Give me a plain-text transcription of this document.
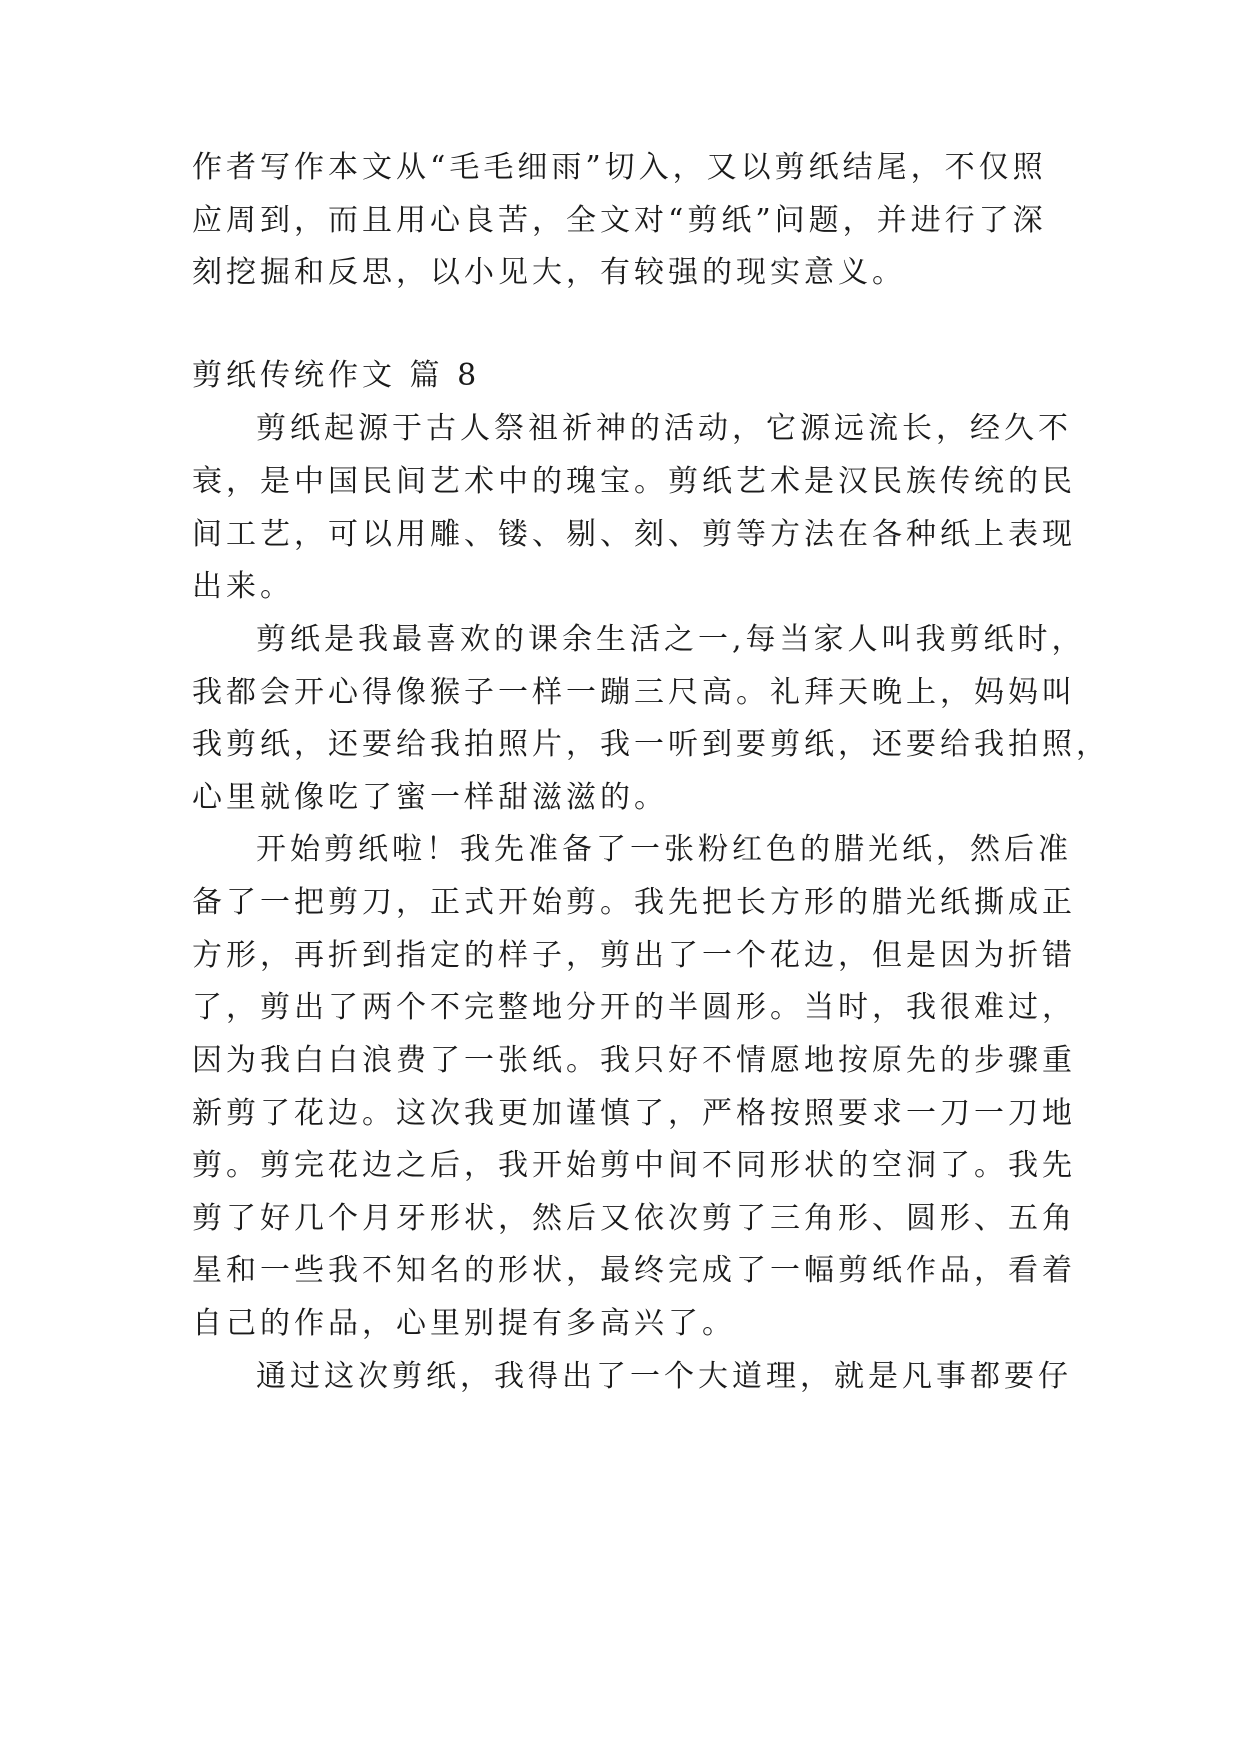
作者写作本文从“毛毛细雨”切入，又以剪纸结尾，不仅照
应周到，而且用心良苦，全文对“剪纸”问题，并进行了深
刻挖掘和反思，以小见大，有较强的现实意义。
剪纸传统作文 篇 8
剪纸起源于古人祭祖祈神的活动，它源远流长，经久不
衰，是中国民间艺术中的瑰宝。剪纸艺术是汉民族传统的民
间工艺，可以用雕、镂、剔、刻、剪等方法在各种纸上表现
出来。
剪纸是我最喜欢的课余生活之一,每当家人叫我剪纸时，
我都会开心得像猴子一样一蹦三尺高。礼拜天晚上，妈妈叫
我剪纸，还要给我拍照片，我一听到要剪纸，还要给我拍照，
心里就像吃了蜜一样甜滋滋的。
开始剪纸啦！我先准备了一张粉红色的腊光纸，然后准
备了一把剪刀，正式开始剪。我先把长方形的腊光纸撕成正
方形，再折到指定的样子，剪出了一个花边，但是因为折错
了，剪出了两个不完整地分开的半圆形。当时，我很难过，
因为我白白浪费了一张纸。我只好不情愿地按原先的步骤重
新剪了花边。这次我更加谨慎了，严格按照要求一刀一刀地
剪。剪完花边之后，我开始剪中间不同形状的空洞了。我先
剪了好几个月牙形状，然后又依次剪了三角形、圆形、五角
星和一些我不知名的形状，最终完成了一幅剪纸作品，看着
自己的作品，心里别提有多高兴了。
通过这次剪纸，我得出了一个大道理，就是凡事都要仔
